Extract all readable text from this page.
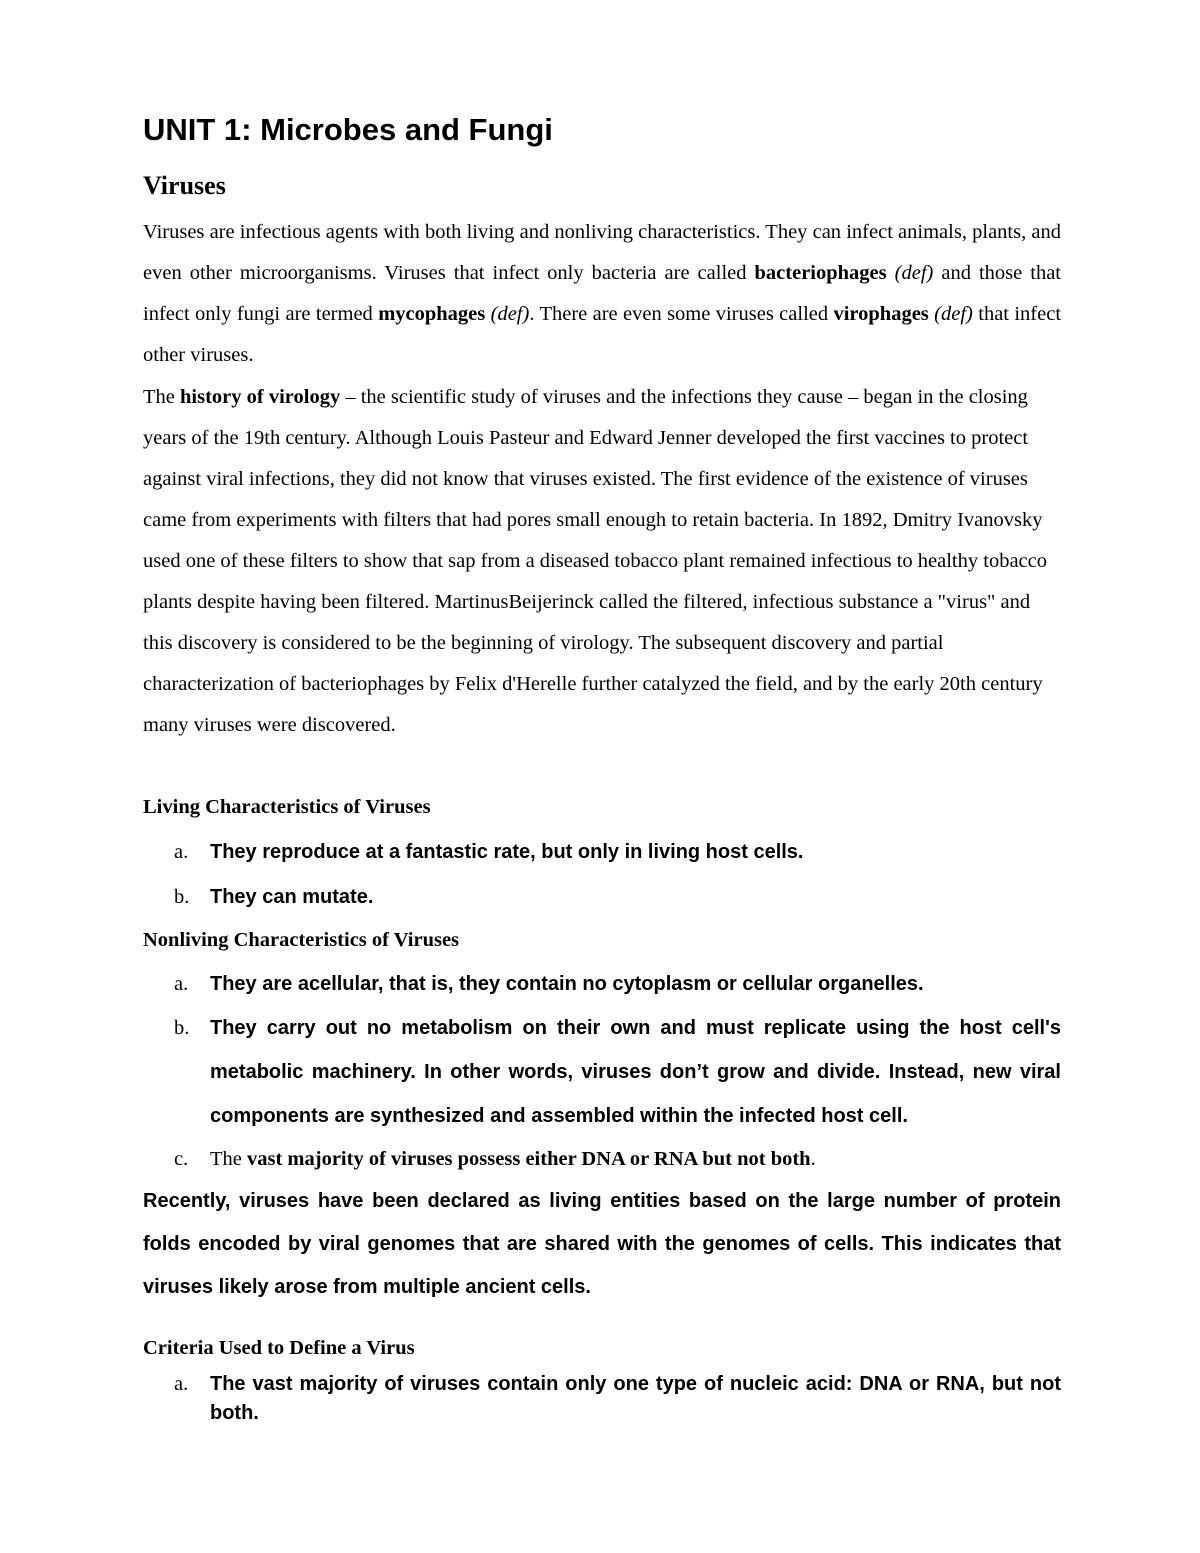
UNIT 1: Microbes and Fungi
Viruses

Viruses are infectious agents with both living and nonliving characteristics. They can infect animals, plants, and even other microorganisms. Viruses that infect only bacteria are called bacteriophages (def) and those that infect only fungi are termed mycophages (def). There are even some viruses called virophages (def) that infect other viruses.

The history of virology – the scientific study of viruses and the infections they cause – began in the closing years of the 19th century. Although Louis Pasteur and Edward Jenner developed the first vaccines to protect against viral infections, they did not know that viruses existed. The first evidence of the existence of viruses came from experiments with filters that had pores small enough to retain bacteria. In 1892, Dmitry Ivanovsky used one of these filters to show that sap from a diseased tobacco plant remained infectious to healthy tobacco plants despite having been filtered. MartinusBeijerinck called the filtered, infectious substance a "virus" and this discovery is considered to be the beginning of virology. The subsequent discovery and partial characterization of bacteriophages by Felix d'Herelle further catalyzed the field, and by the early 20th century many viruses were discovered.

Living Characteristics of Viruses

a. They reproduce at a fantastic rate, but only in living host cells.
b. They can mutate.

Nonliving Characteristics of Viruses

a. They are acellular, that is, they contain no cytoplasm or cellular organelles.
b. They carry out no metabolism on their own and must replicate using the host cell's metabolic machinery. In other words, viruses don’t grow and divide. Instead, new viral components are synthesized and assembled within the infected host cell.
c. The vast majority of viruses possess either DNA or RNA but not both.

Recently, viruses have been declared as living entities based on the large number of protein folds encoded by viral genomes that are shared with the genomes of cells. This indicates that viruses likely arose from multiple ancient cells.

Criteria Used to Define a Virus

a. The vast majority of viruses contain only one type of nucleic acid: DNA or RNA, but not both.
